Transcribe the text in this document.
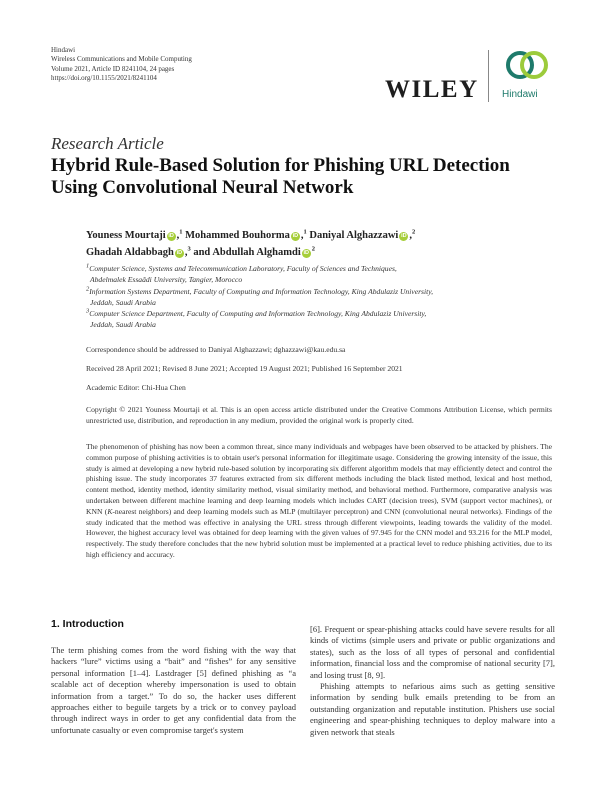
Hindawi
Wireless Communications and Mobile Computing
Volume 2021, Article ID 8241104, 24 pages
https://doi.org/10.1155/2021/8241104	WILEY Hindawi
Research Article
Hybrid Rule-Based Solution for Phishing URL Detection Using Convolutional Neural Network
Youness Mourtaji iD ,$^1$ Mohammed Bouhorma iD ,$^1$ Daniyal Alghazzawi iD ,$^2$
Ghadah Aldabbagh iD ,$^3$ and Abdullah Alghamdi $iD^2$
$^1$Computer Science, Systems and Telecommunication Laboratory, Faculty of Sciences and Techniques,
Abdelmalek Essaâdi University, Tangier, Morocco
$^2$Information Systems Department, Faculty of Computing and Information Technology, King Abdulaziz University,
Jeddah, Saudi Arabia
$^3$Computer Science Department, Faculty of Computing and Information Technology, King Abdulaziz University,
Jeddah, Saudi Arabia
Correspondence should be addressed to Daniyal Alghazzawi; dghazzawi@kau.edu.sa
Received 28 April 2021; Revised 8 June 2021; Accepted 19 August 2021; Published 16 September 2021
Academic Editor: Chi-Hua Chen
Copyright © 2021 Youness Mourtaji et al. This is an open access article distributed under the Creative Commons Attribution License, which permits unrestricted use, distribution, and reproduction in any medium, provided the original work is properly cited.
The phenomenon of phishing has now been a common threat, since many individuals and webpages have been observed to be attacked by phishers. The common purpose of phishing activities is to obtain user's personal information for illegitimate usage. Considering the growing intensity of the issue, this study is aimed at developing a new hybrid rule-based solution by incorporating six different algorithm models that may efficiently detect and control the phishing issue. The study incorporates 37 features extracted from six different methods including the black listed method, lexical and host method, content method, identity method, identity similarity method, visual similarity method, and behavioral method. Furthermore, comparative analysis was undertaken between different machine learning and deep learning models which includes CART (decision trees), SVM (support vector machines), or KNN (K-nearest neighbors) and deep learning models such as MLP (multilayer perceptron) and CNN (convolutional neural networks). Findings of the study indicated that the method was effective in analysing the URL stress through different viewpoints, leading towards the validity of the model. However, the highest accuracy level was obtained for deep learning with the given values of 97.945 for the CNN model and 93.216 for the MLP model, respectively. The study therefore concludes that the new hybrid solution must be implemented at a practical level to reduce phishing activities, due to its high efficiency and accuracy.
1. Introduction

The term phishing comes from the word fishing with the way that hackers “lure” victims using a “bait” and “fishes” for any sensitive personal information [1–4]. Lastdrager [5] defined phishing as “a scalable act of deception whereby impersonation is used to obtain information from a target.” To do so, the hacker uses different approaches either to beguile targets by a trick or to convey payload through indirect ways in order to get any confidential data from the unfortunate casualty or even compromise target's system

[6]. Frequent or spear-phishing attacks could have severe results for all kinds of victims (simple users and private or public organizations and states), such as the loss of all types of personal and confidential information, financial loss and the compromise of national security [7], and losing trust [8, 9].

Phishing attempts to nefarious aims such as getting sensitive information by sending bulk emails pretending to be from an outstanding organization and reputable institution. Phishers use social engineering and spear-phishing techniques to deploy malware into a given network that steals
